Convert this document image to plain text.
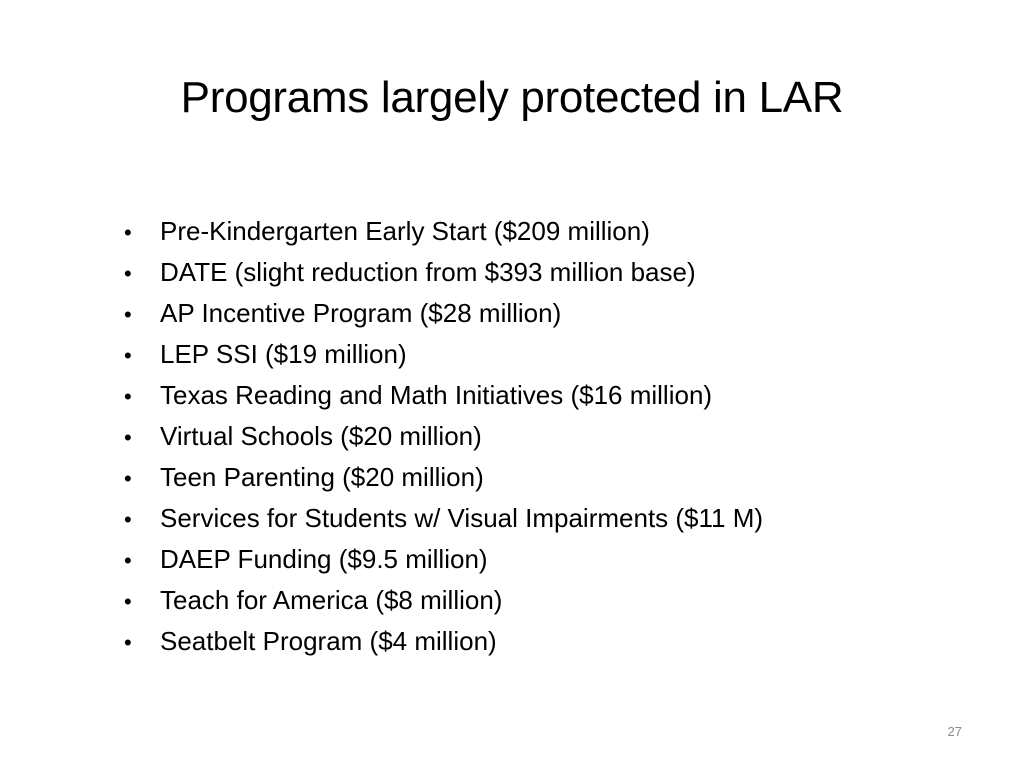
Programs largely protected in LAR
•	Pre-Kindergarten Early Start ($209 million)
•	DATE (slight reduction from $393 million base)
•	AP Incentive Program ($28 million)
•	LEP SSI ($19 million)
•	Texas Reading and Math Initiatives ($16 million)
•	Virtual Schools ($20 million)
•	Teen Parenting ($20 million)
•	Services for Students w/ Visual Impairments ($11 M)
•	DAEP Funding ($9.5 million)
•	Teach for America ($8 million)
•	Seatbelt Program ($4 million)
27
